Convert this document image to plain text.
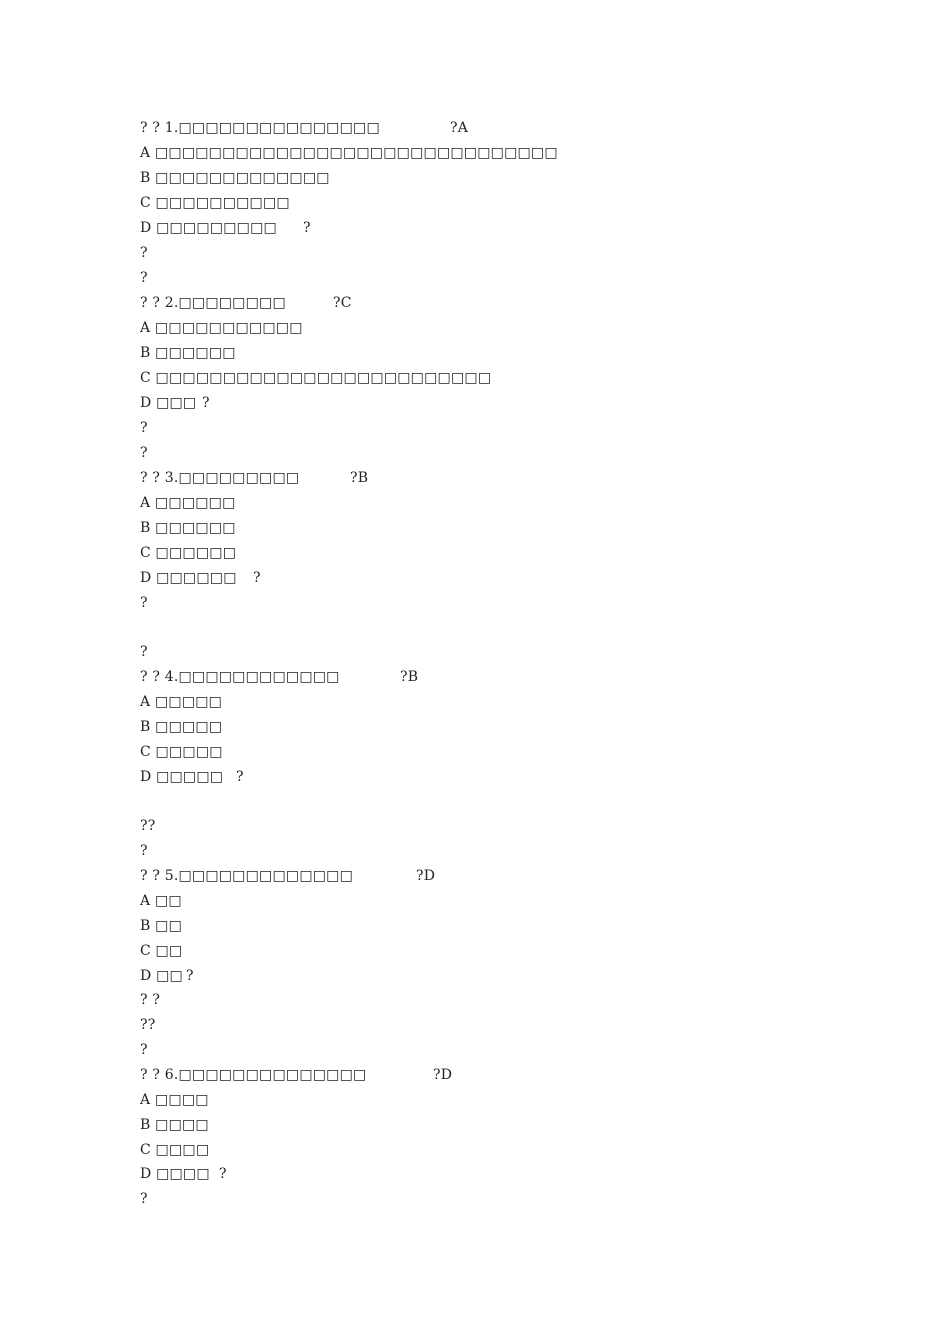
? ? 1.□□□□□□□□□□□□□□□	?A
A □□□□□□□□□□□□□□□□□□□□□□□□□□□□□□
B □□□□□□□□□□□□□
C □□□□□□□□□□
D □□□□□□□□□ ?
?
?
? ? 2.□□□□□□□□	?C
A □□□□□□□□□□□
B □□□□□□
C □□□□□□□□□□□□□□□□□□□□□□□□□
D □□□ ?
?
?
? ? 3.□□□□□□□□□	?B
A □□□□□□
B □□□□□□
C □□□□□□
D □□□□□□ ?
?
?
? ? 4.□□□□□□□□□□□□	?B
A □□□□□
B □□□□□
C □□□□□
D □□□□□ ?
??
?
? ? 5.□□□□□□□□□□□□□	?D
A □□
B □□
C □□
D □□ ?
? ?
??
?
? ? 6.□□□□□□□□□□□□□□	?D
A □□□□
B □□□□
C □□□□
D □□□□ ?
?
